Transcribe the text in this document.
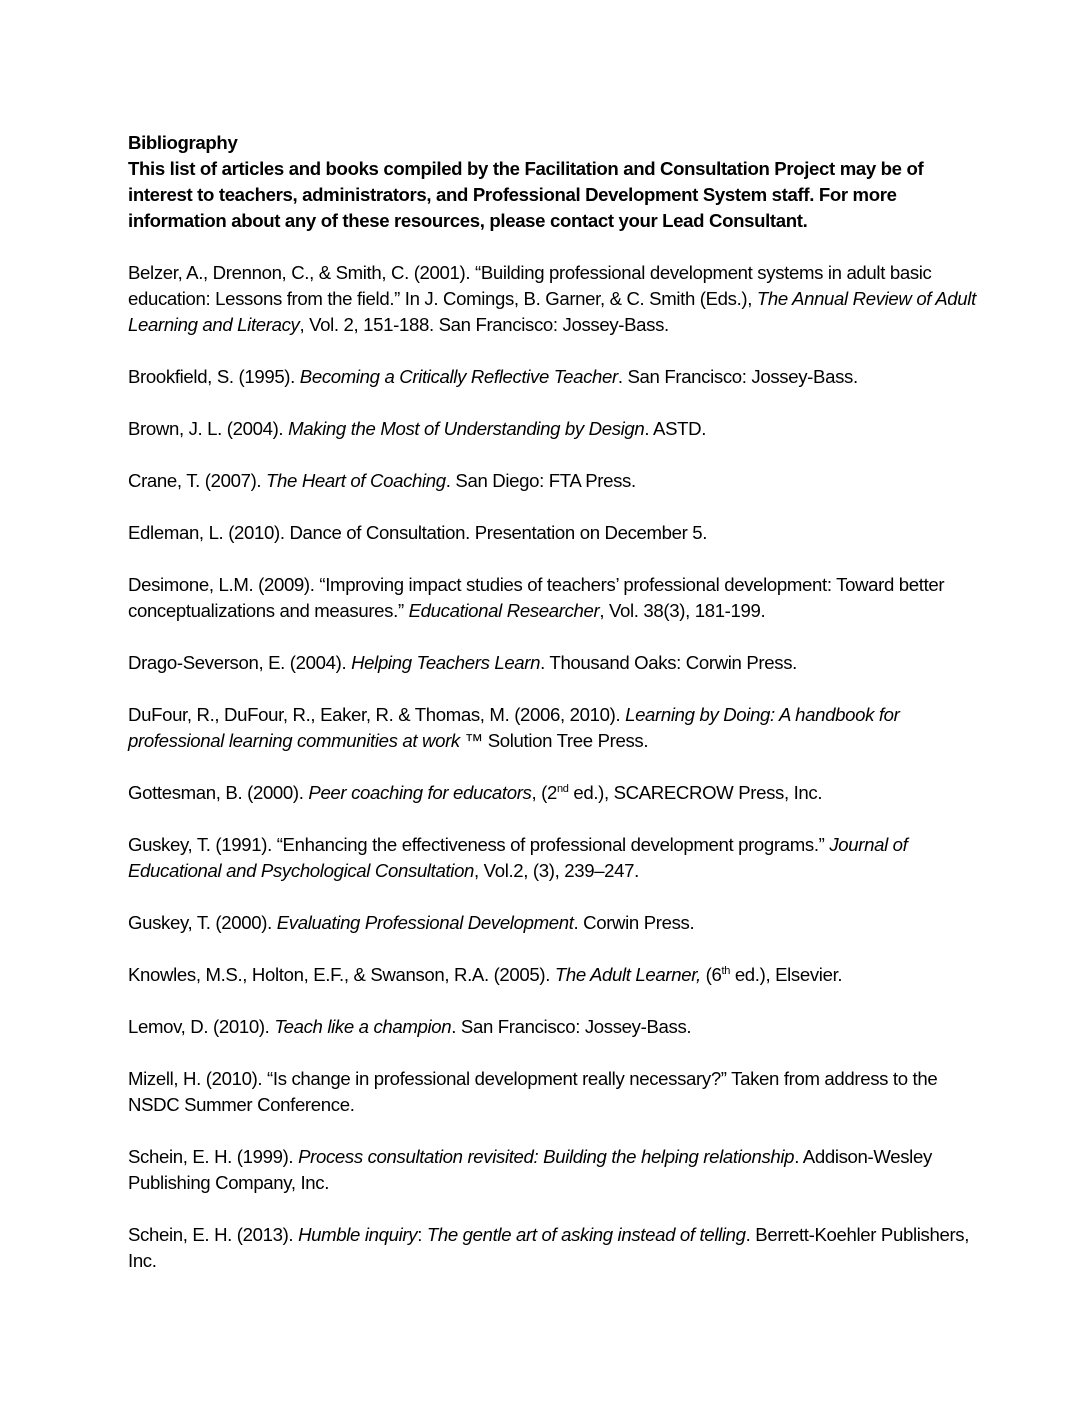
Bibliography

This list of articles and books compiled by the Facilitation and Consultation Project may be of interest to teachers, administrators, and Professional Development System staff. For more information about any of these resources, please contact your Lead Consultant.

Belzer, A., Drennon, C., & Smith, C. (2001). “Building professional development systems in adult basic education: Lessons from the field.” In J. Comings, B. Garner, & C. Smith (Eds.), The Annual Review of Adult Learning and Literacy, Vol. 2, 151-188. San Francisco: Jossey-Bass.

Brookfield, S. (1995). Becoming a Critically Reflective Teacher. San Francisco: Jossey-Bass.

Brown, J. L. (2004). Making the Most of Understanding by Design. ASTD.

Crane, T. (2007). The Heart of Coaching. San Diego: FTA Press.

Edleman, L. (2010). Dance of Consultation. Presentation on December 5.

Desimone, L.M. (2009). “Improving impact studies of teachers’ professional development: Toward better conceptualizations and measures.” Educational Researcher, Vol. 38(3), 181-199.

Drago-Severson, E. (2004). Helping Teachers Learn. Thousand Oaks: Corwin Press.

DuFour, R., DuFour, R., Eaker, R. & Thomas, M. (2006, 2010). Learning by Doing: A handbook for professional learning communities at work ™ Solution Tree Press.

Gottesman, B. (2000). Peer coaching for educators, (2nd ed.), SCARECROW Press, Inc.

Guskey, T. (1991). “Enhancing the effectiveness of professional development programs.” Journal of Educational and Psychological Consultation, Vol.2, (3), 239–247.

Guskey, T. (2000). Evaluating Professional Development. Corwin Press.

Knowles, M.S., Holton, E.F., & Swanson, R.A. (2005). The Adult Learner, (6th ed.), Elsevier.

Lemov, D. (2010). Teach like a champion. San Francisco: Jossey-Bass.

Mizell, H. (2010). “Is change in professional development really necessary?” Taken from address to the NSDC Summer Conference.

Schein, E. H. (1999). Process consultation revisited: Building the helping relationship. Addison-Wesley Publishing Company, Inc.

Schein, E. H. (2013). Humble inquiry: The gentle art of asking instead of telling. Berrett-Koehler Publishers, Inc.
